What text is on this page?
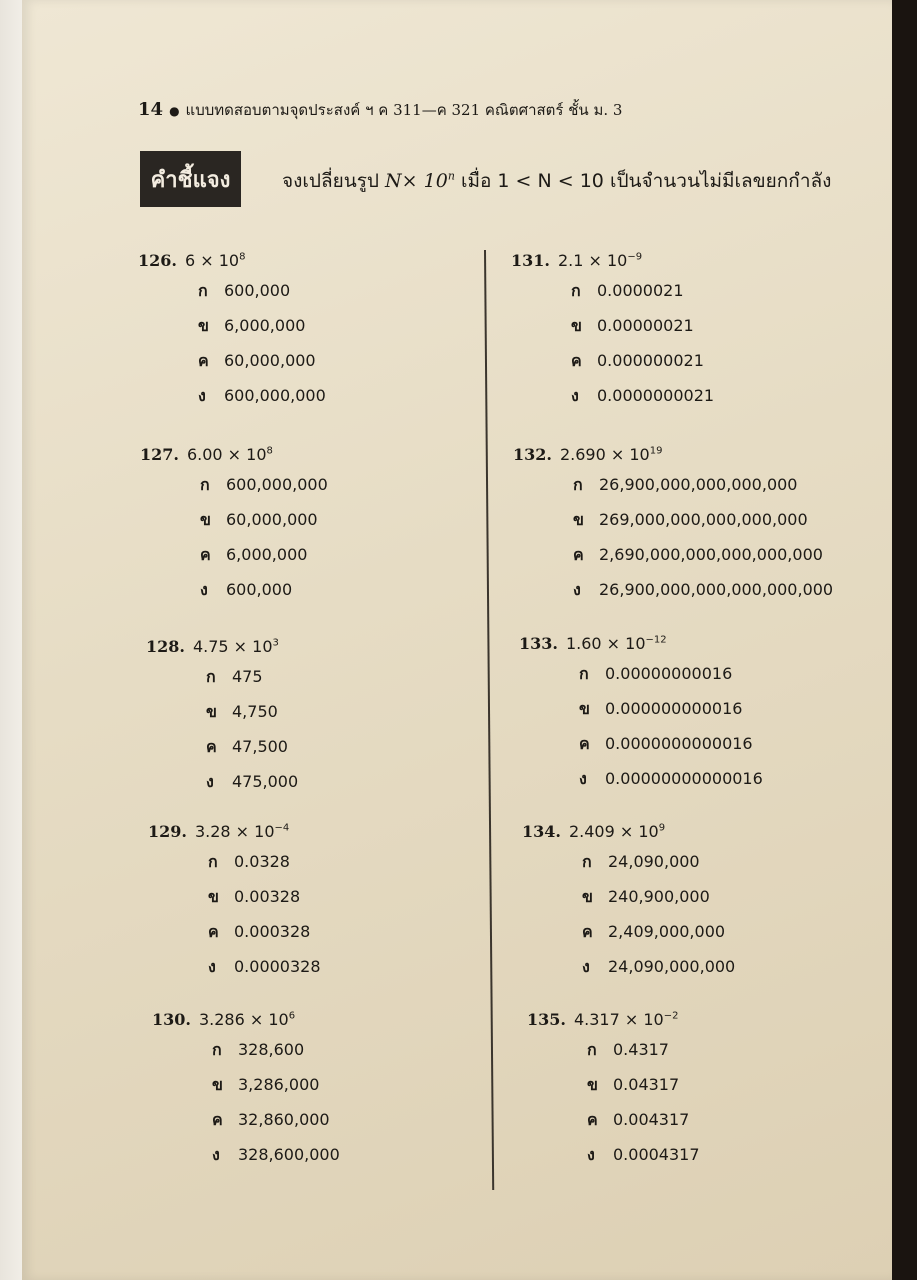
14 ● แบบทดสอบตามจุดประสงค์ ฯ ค 311—ค 321 คณิตศาสตร์ ชั้น ม. 3
คำชี้แจง	จงเปลี่ยนรูป $N\times 10^n$ เมื่อ 1 < N < 10 เป็นจำนวนไม่มีเลขยกกำลัง
126. $6 \times 10^8$
ก 600,000
ข 6,000,000
ค 60,000,000
ง 600,000,000
127. $6.00 \times 10^8$
ก 600,000,000
ข 60,000,000
ค 6,000,000
ง 600,000
128. $4.75 \times 10^3$
ก 475
ข 4,750
ค 47,500
ง 475,000
129. $3.28 \times 10^{-4}$
ก 0.0328
ข 0.00328
ค 0.000328
ง 0.0000328
130. $3.286 \times 10^6$
ก 328,600
ข 3,286,000
ค 32,860,000
ง 328,600,000
131. $2.1 \times 10^{-9}$
ก 0.0000021
ข 0.00000021
ค 0.000000021
ง 0.0000000021
132. $2.690 \times 10^{19}$
ก 26,900,000,000,000,000
ข 269,000,000,000,000,000
ค 2,690,000,000,000,000,000
ง 26,900,000,000,000,000,000
133. $1.60 \times 10^{-12}$
ก 0.00000000016
ข 0.000000000016
ค 0.0000000000016
ง 0.00000000000016
134. $2.409 \times 10^9$
ก 24,090,000
ข 240,900,000
ค 2,409,000,000
ง 24,090,000,000
135. $4.317 \times 10^{-2}$
ก 0.4317
ข 0.04317
ค 0.004317
ง 0.0004317
